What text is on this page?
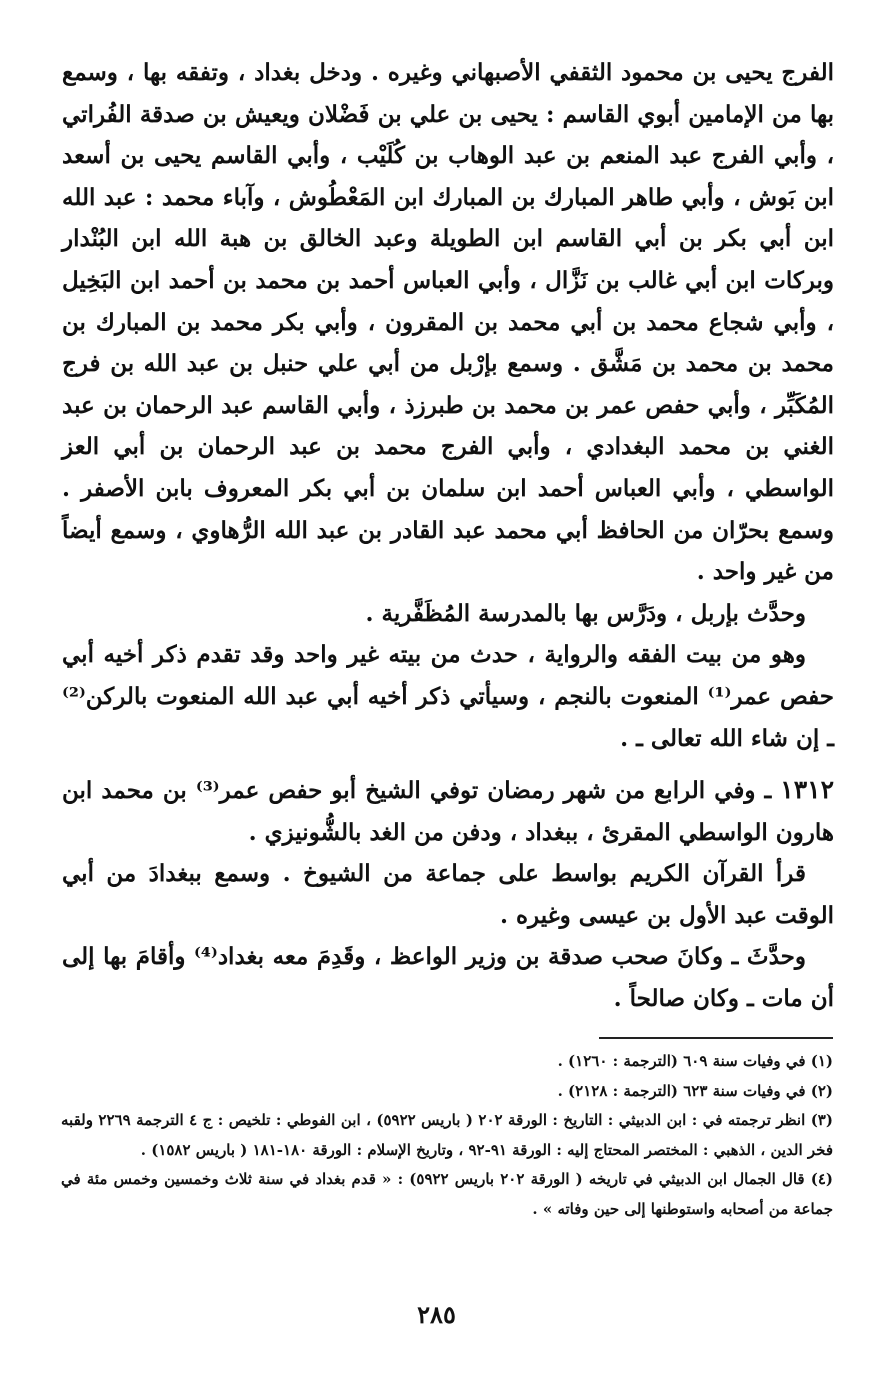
الفرج يحيى بن محمود الثقفي الأصبهاني وغيره . ودخل بغداد ، وتفقه بها ، وسمع بها من الإمامين أبوي القاسم : يحيى بن علي بن فَضْلان ويعيش بن صدقة الفُراتي ، وأبي الفرج عبد المنعم بن عبد الوهاب بن كُلَيْب ، وأبي القاسم يحيى بن أسعد ابن بَوش ، وأبي طاهر المبارك بن المبارك ابن المَعْطُوش ، وآباء محمد : عبد الله ابن أبي بكر بن أبي القاسم ابن الطويلة وعبد الخالق بن هبة الله ابن البُنْدار وبركات ابن أبي غالب بن نَزَّال ، وأبي العباس أحمد بن محمد بن أحمد ابن البَخِيل ، وأبي شجاع محمد بن أبي محمد بن المقرون ، وأبي بكر محمد بن المبارك بن محمد بن محمد بن مَشَّق . وسمع بإرْبل من أبي علي حنبل بن عبد الله بن فرج المُكَبِّر ، وأبي حفص عمر بن محمد بن طبرزذ ، وأبي القاسم عبد الرحمان بن عبد الغني بن محمد البغدادي ، وأبي الفرج محمد بن عبد الرحمان بن أبي العز الواسطي ، وأبي العباس أحمد ابن سلمان بن أبي بكر المعروف بابن الأصفر . وسمع بحرّان من الحافظ أبي محمد عبد القادر بن عبد الله الرُّهاوي ، وسمع أيضاً من غير واحد .

وحدَّث بإربل ، ودَرَّس بها بالمدرسة المُظَفَّرية .

وهو من بيت الفقه والرواية ، حدث من بيته غير واحد وقد تقدم ذكر أخيه أبي حفص عمر⁽¹⁾ المنعوت بالنجم ، وسيأتي ذكر أخيه أبي عبد الله المنعوت بالركن⁽²⁾ ـ إن شاء الله تعالى ـ .

١٣١٢ ـ وفي الرابع من شهر رمضان توفي الشيخ أبو حفص عمر⁽³⁾ بن محمد ابن هارون الواسطي المقرئ ، ببغداد ، ودفن من الغد بالشُّونيزي .

قرأ القرآن الكريم بواسط على جماعة من الشيوخ . وسمع ببغدادَ من أبي الوقت عبد الأول بن عيسى وغيره .

وحدَّثَ ـ وكانَ صحب صدقة بن وزير الواعظ ، وقَدِمَ معه بغداد⁽⁴⁾ وأقامَ بها إلى أن مات ـ وكان صالحاً .

(١) في وفيات سنة ٦٠٩ (الترجمة : ١٢٦٠) .

(٢) في وفيات سنة ٦٢٣ (الترجمة : ٢١٢٨) .

(٣) انظر ترجمته في : ابن الدبيثي : التاريخ : الورقة ٢٠٢ ( باريس ٥٩٢٢) ، ابن الفوطي : تلخيص : ج ٤ الترجمة ٢٢٦٩ ولقبه فخر الدين ، الذهبي : المختصر المحتاج إليه : الورقة ٩١-٩٢ ، وتاريخ الإسلام : الورقة ١٨٠-١٨١ ( باريس ١٥٨٢) .

(٤) قال الجمال ابن الدبيثي في تاريخه ( الورقة ٢٠٢ باريس ٥٩٢٢) : « قدم بغداد في سنة ثلاث وخمسين وخمس مئة في جماعة من أصحابه واستوطنها إلى حين وفاته » .

٢٨٥
